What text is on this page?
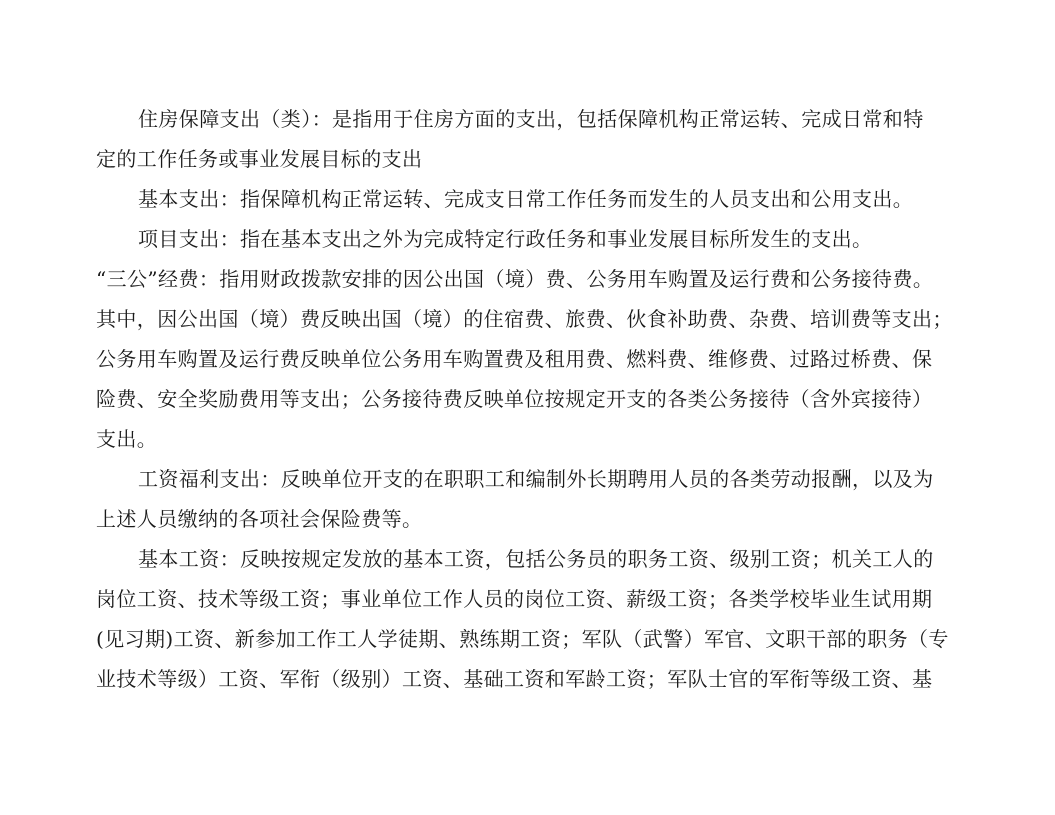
住房保障支出（类）：是指用于住房方面的支出，包括保障机构正常运转、完成日常和特
定的工作任务或事业发展目标的支出
基本支出：指保障机构正常运转、完成支日常工作任务而发生的人员支出和公用支出。
项目支出：指在基本支出之外为完成特定行政任务和事业发展目标所发生的支出。
“三公”经费：指用财政拨款安排的因公出国（境）费、公务用车购置及运行费和公务接待费。
其中，因公出国（境）费反映出国（境）的住宿费、旅费、伙食补助费、杂费、培训费等支出；
公务用车购置及运行费反映单位公务用车购置费及租用费、燃料费、维修费、过路过桥费、保
险费、安全奖励费用等支出；公务接待费反映单位按规定开支的各类公务接待（含外宾接待）
支出。
工资福利支出：反映单位开支的在职职工和编制外长期聘用人员的各类劳动报酬，以及为
上述人员缴纳的各项社会保险费等。
基本工资：反映按规定发放的基本工资，包括公务员的职务工资、级别工资；机关工人的
岗位工资、技术等级工资；事业单位工作人员的岗位工资、薪级工资；各类学校毕业生试用期
(见习期)工资、新参加工作工人学徒期、熟练期工资；军队（武警）军官、文职干部的职务（专
业技术等级）工资、军衔（级别）工资、基础工资和军龄工资；军队士官的军衔等级工资、基
